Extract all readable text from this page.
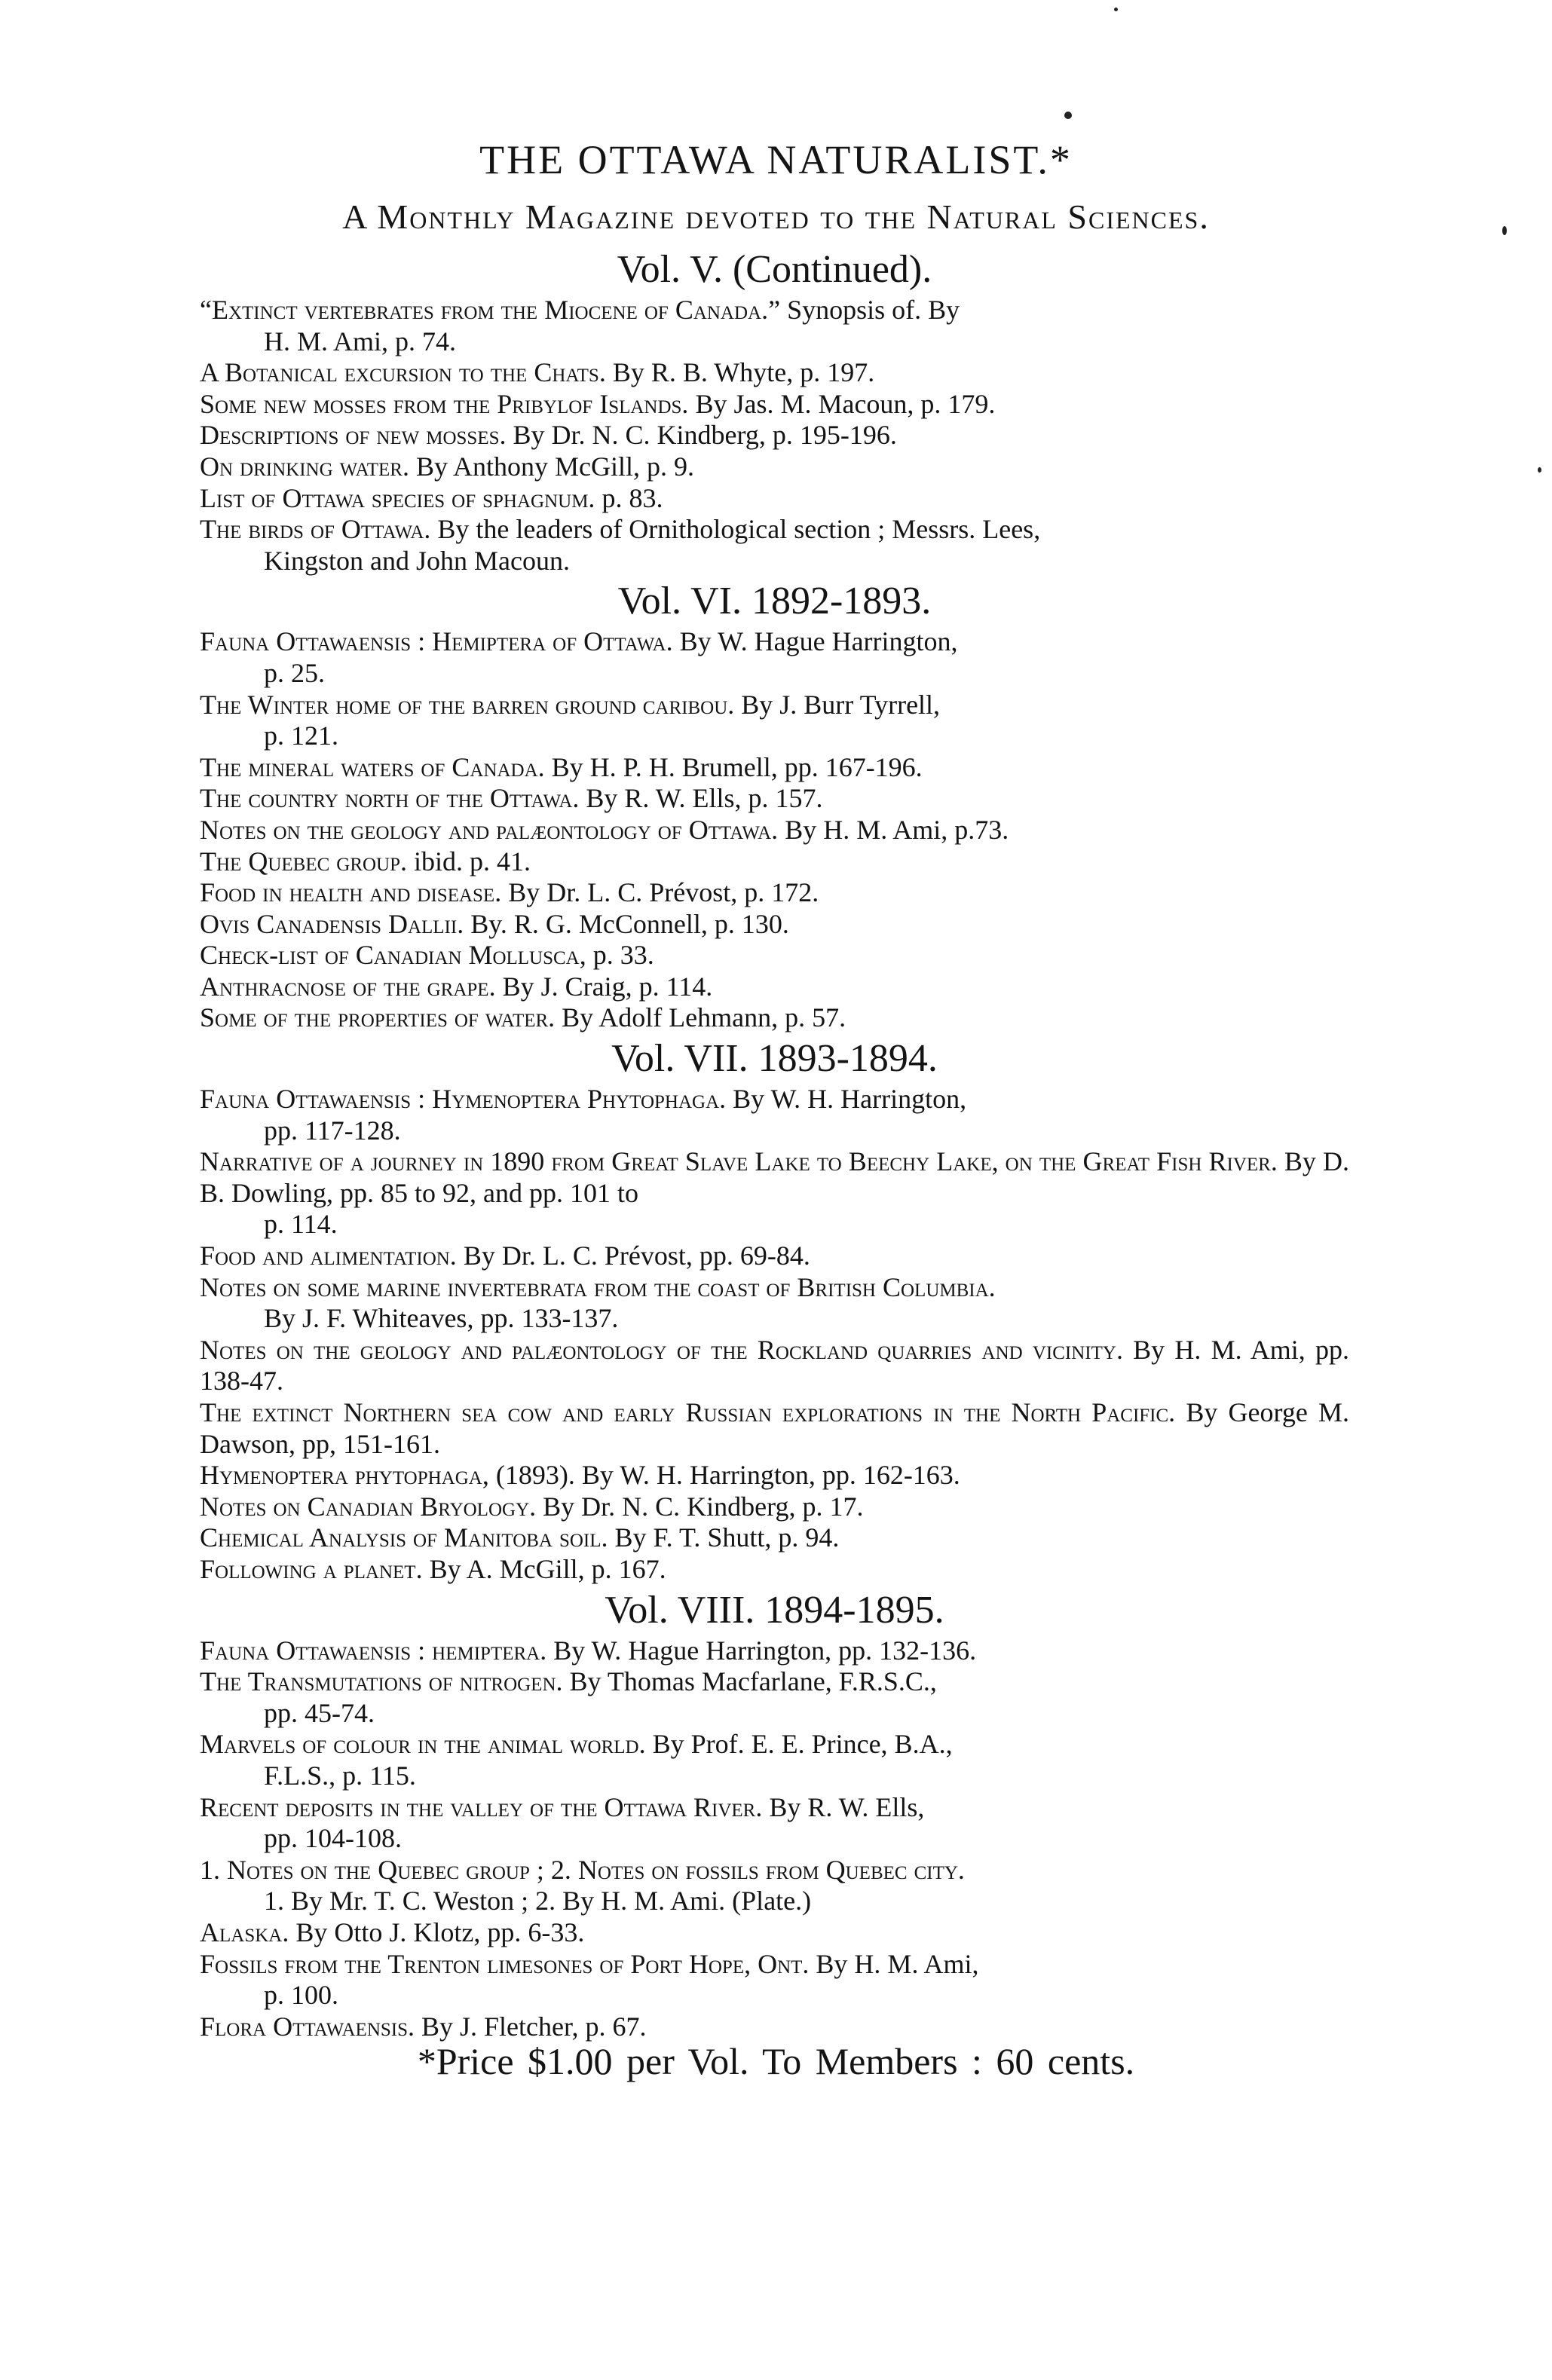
THE OTTAWA NATURALIST.*
A Monthly Magazine devoted to the Natural Sciences.
Vol. V. (Continued).
“Extinct vertebrates from the Miocene of Canada.” Synopsis of. By
H. M. Ami, p. 74.
A Botanical excursion to the Chats. By R. B. Whyte, p. 197.
Some new mosses from the Pribylof Islands. By Jas. M. Macoun, p. 179.
Descriptions of new mosses. By Dr. N. C. Kindberg, p. 195-196.
On drinking water. By Anthony McGill, p. 9.
List of Ottawa species of sphagnum. p. 83.
The birds of Ottawa. By the leaders of Ornithological section ; Messrs. Lees,
Kingston and John Macoun.
Vol. VI. 1892-1893.
Fauna Ottawaensis : Hemiptera of Ottawa. By W. Hague Harrington,
p. 25.
The Winter home of the barren ground caribou. By J. Burr Tyrrell,
p. 121.
The mineral waters of Canada. By H. P. H. Brumell, pp. 167-196.
The country north of the Ottawa. By R. W. Ells, p. 157.
Notes on the geology and palæontology of Ottawa. By H. M. Ami, p.73.
The Quebec group. ibid. p. 41.
Food in health and disease. By Dr. L. C. Prévost, p. 172.
Ovis Canadensis Dallii. By. R. G. McConnell, p. 130.
Check-list of Canadian Mollusca, p. 33.
Anthracnose of the grape. By J. Craig, p. 114.
Some of the properties of water. By Adolf Lehmann, p. 57.
Vol. VII. 1893-1894.
Fauna Ottawaensis : Hymenoptera Phytophaga. By W. H. Harrington,
pp. 117-128.
Narrative of a journey in 1890 from Great Slave Lake to Beechy Lake, on the Great Fish River. By D. B. Dowling, pp. 85 to 92, and pp. 101 to
p. 114.
Food and alimentation. By Dr. L. C. Prévost, pp. 69-84.
Notes on some marine invertebrata from the coast of British Columbia.
By J. F. Whiteaves, pp. 133-137.
Notes on the geology and palæontology of the Rockland quarries and vicinity. By H. M. Ami, pp. 138-47.
The extinct Northern sea cow and early Russian explorations in the North Pacific. By George M. Dawson, pp, 151-161.
Hymenoptera phytophaga, (1893). By W. H. Harrington, pp. 162-163.
Notes on Canadian Bryology. By Dr. N. C. Kindberg, p. 17.
Chemical Analysis of Manitoba soil. By F. T. Shutt, p. 94.
Following a planet. By A. McGill, p. 167.
Vol. VIII. 1894-1895.
Fauna Ottawaensis : hemiptera. By W. Hague Harrington, pp. 132-136.
The Transmutations of nitrogen. By Thomas Macfarlane, F.R.S.C.,
pp. 45-74.
Marvels of colour in the animal world. By Prof. E. E. Prince, B.A.,
F.L.S., p. 115.
Recent deposits in the valley of the Ottawa River. By R. W. Ells,
pp. 104-108.
1. Notes on the Quebec group ; 2. Notes on fossils from Quebec city.
1. By Mr. T. C. Weston ; 2. By H. M. Ami. (Plate.)
Alaska. By Otto J. Klotz, pp. 6-33.
Fossils from the Trenton limesones of Port Hope, Ont. By H. M. Ami,
p. 100.
Flora Ottawaensis. By J. Fletcher, p. 67.
*Price $1.00 per Vol. To Members : 60 cents.
